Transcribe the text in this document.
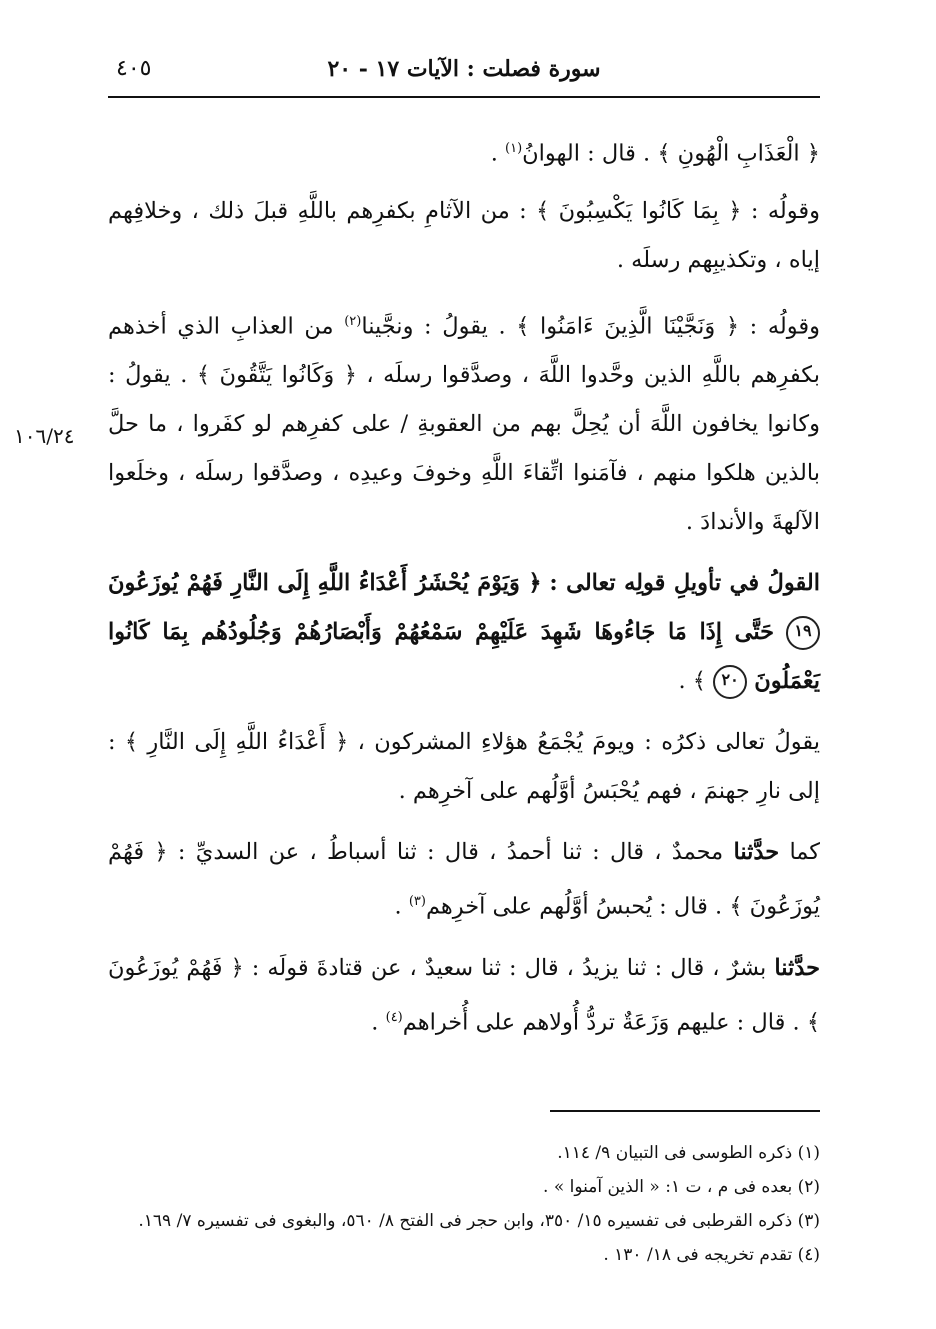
سورة فصلت : الآيات ١٧ - ٢٠
٤٠٥
١٠٦/٢٤

﴿ الْعَذَابِ الْهُونِ ﴾ . قال : الهوانُ$^{(١)}$ .

وقولُه : ﴿ بِمَا كَانُوا يَكْسِبُونَ ﴾ : من الآثامِ بكفرِهم باللَّهِ قبلَ ذلك ، وخلافِهم إياه ، وتكذيبِهم رسلَه .

وقولُه : ﴿ وَنَجَّيْنَا الَّذِينَ ءَامَنُوا ﴾ . يقولُ : ونجَّينا$^{(٢)}$ من العذابِ الذي أخذهم بكفرِهم باللَّهِ الذين وحَّدوا اللَّهَ ، وصدَّقوا رسلَه ، ﴿ وَكَانُوا يَتَّقُونَ ﴾ . يقولُ : وكانوا يخافون اللَّهَ أن يُحِلَّ بهم من العقوبةِ / على كفرِهم لو كفَروا ، ما حلَّ بالذين هلكوا منهم ، فآمَنوا اتِّقاءَ اللَّهِ وخوفَ وعيدِه ، وصدَّقوا رسلَه ، وخلَعوا الآلهةَ والأندادَ .

القولُ في تأويلِ قولِه تعالى : ﴿ وَيَوْمَ يُحْشَرُ أَعْدَاءُ اللَّهِ إِلَى النَّارِ فَهُمْ يُوزَعُونَ ١٩ حَتَّى إِذَا مَا جَاءُوهَا شَهِدَ عَلَيْهِمْ سَمْعُهُمْ وَأَبْصَارُهُمْ وَجُلُودُهُم بِمَا كَانُوا يَعْمَلُونَ ٢٠ ﴾ .

يقولُ تعالى ذكرُه : ويومَ يُجْمَعُ هؤلاءِ المشركون ، ﴿ أَعْدَاءُ اللَّهِ إِلَى النَّارِ ﴾ : إلى نارِ جهنمَ ، فهم يُحْبَسُ أوَّلُهم على آخرِهم .

كما حدَّثنا محمدٌ ، قال : ثنا أحمدُ ، قال : ثنا أسباطُ ، عن السديِّ : ﴿ فَهُمْ يُوزَعُونَ ﴾ . قال : يُحبسُ أوَّلُهم على آخرِهم$^{(٣)}$ .

حدَّثنا بشرٌ ، قال : ثنا يزيدُ ، قال : ثنا سعيدٌ ، عن قتادةَ قولَه : ﴿ فَهُمْ يُوزَعُونَ ﴾ . قال : عليهم وَزَعَةٌ تردُّ أُولاهم على أُخراهم$^{(٤)}$ .

(١) ذكره الطوسى فى التبيان ٩/ ١١٤.
(٢) بعده فى م ، ت ١: « الذين آمنوا » .
(٣) ذكره القرطبى فى تفسيره ١٥/ ٣٥٠، وابن حجر فى الفتح ٨/ ٥٦٠، والبغوى فى تفسيره ٧/ ١٦٩.
(٤) تقدم تخريجه فى ١٨/ ١٣٠ .
